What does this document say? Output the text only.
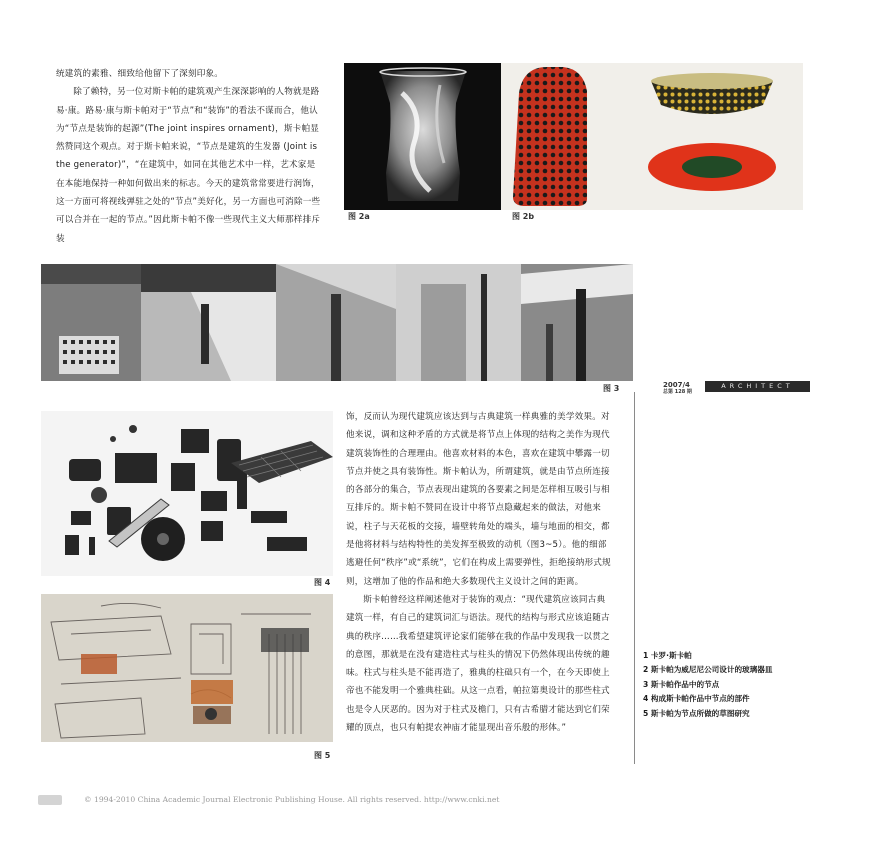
统建筑的素雅、细致给他留下了深刻印象。

除了赖特，另一位对斯卡帕的建筑观产生深深影响的人物就是路易·康。路易·康与斯卡帕对于“节点”和“装饰”的看法不谋而合，他认为“节点是装饰的起源”(The joint inspires ornament)，斯卡帕显然赞同这个观点。对于斯卡帕来说，“节点是建筑的生发器 (Joint is the generator)”，“在建筑中，如同在其他艺术中一样，艺术家是在本能地保持一种如何做出来的标志。今天的建筑常常要进行润饰，这一方面可将视线弹驻之处的“节点”美好化，另一方面也可消除一些可以合并在一起的节点。”因此斯卡帕不像一些现代主义大师那样排斥装

图 2a	图 2b
图 3	2007/4
总第 128 期
ARCHITECT
图 4
图 5

饰，反而认为现代建筑应该达到与古典建筑一样典雅的美学效果。对他来说，调和这种矛盾的方式就是将节点上体现的结构之美作为现代建筑装饰性的合理理由。他喜欢材料的本色，喜欢在建筑中攀露一切节点并使之具有装饰性。斯卡帕认为，所谓建筑，就是由节点所连接的各部分的集合，节点表现出建筑的各要素之间是怎样相互吸引与相互排斥的。斯卡帕不赞同在设计中将节点隐藏起来的做法，对他来说，柱子与天花板的交接，墙壁转角处的端头，墙与地面的相交，都是他将材料与结构特性的美发挥至极致的动机（图3~5）。他的细部逃避任何“秩序”或“系统”，它们在构成上需要弹性，拒绝接纳形式规则，这增加了他的作品和绝大多数现代主义设计之间的距离。

斯卡帕曾经这样阐述他对于装饰的观点：“现代建筑应该同古典建筑一样，有自己的建筑词汇与语法。现代的结构与形式应该追随古典的秩序……我希望建筑评论家们能够在我的作品中发现我一以贯之的意图，那就是在没有建造柱式与柱头的情况下仍然体现出传统的趣味。柱式与柱头是不能再造了，雅典的柱础只有一个，在今天即使上帝也不能发明一个雅典柱础。从这一点看，帕拉第奥设计的那些柱式也是令人厌恶的。因为对于柱式及檐门，只有古希腊才能达到它们荣耀的顶点，也只有帕提农神庙才能显现出音乐般的形体。”

1 卡罗·斯卡帕

2 斯卡帕为威尼尼公司设计的玻璃器皿

3 斯卡帕作品中的节点

4 构成斯卡帕作品中节点的部件

5 斯卡帕为节点所做的草图研究

© 1994-2010 China Academic Journal Electronic Publishing House. All rights reserved. http://www.cnki.net
